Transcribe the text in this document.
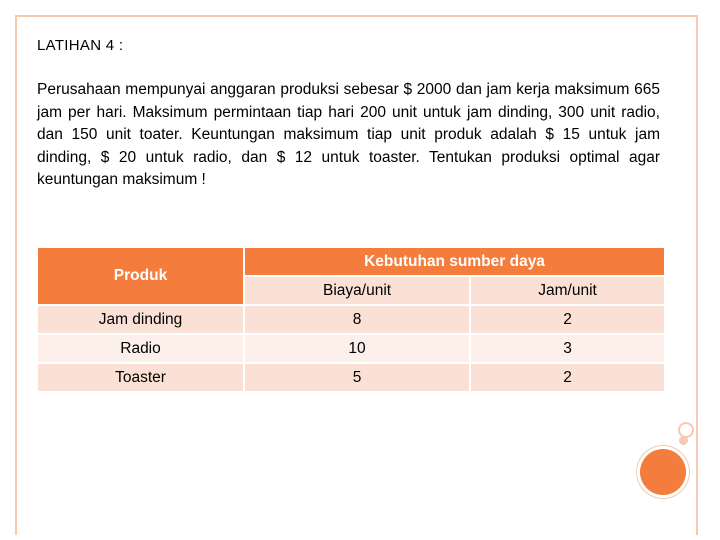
LATIHAN 4 :
Perusahaan mempunyai anggaran produksi sebesar $ 2000 dan jam kerja maksimum 665 jam per hari. Maksimum permintaan tiap hari 200 unit untuk jam dinding, 300 unit radio, dan 150 unit toater. Keuntungan maksimum tiap unit produk adalah $ 15 untuk jam dinding, $ 20 untuk radio, dan $ 12 untuk toaster. Tentukan produksi optimal agar keuntungan maksimum !
Produk	Kebutuhan sumber daya	
	Biaya/unit	Jam/unit
Jam dinding	8	2
Radio	10	3
Toaster	5	2
